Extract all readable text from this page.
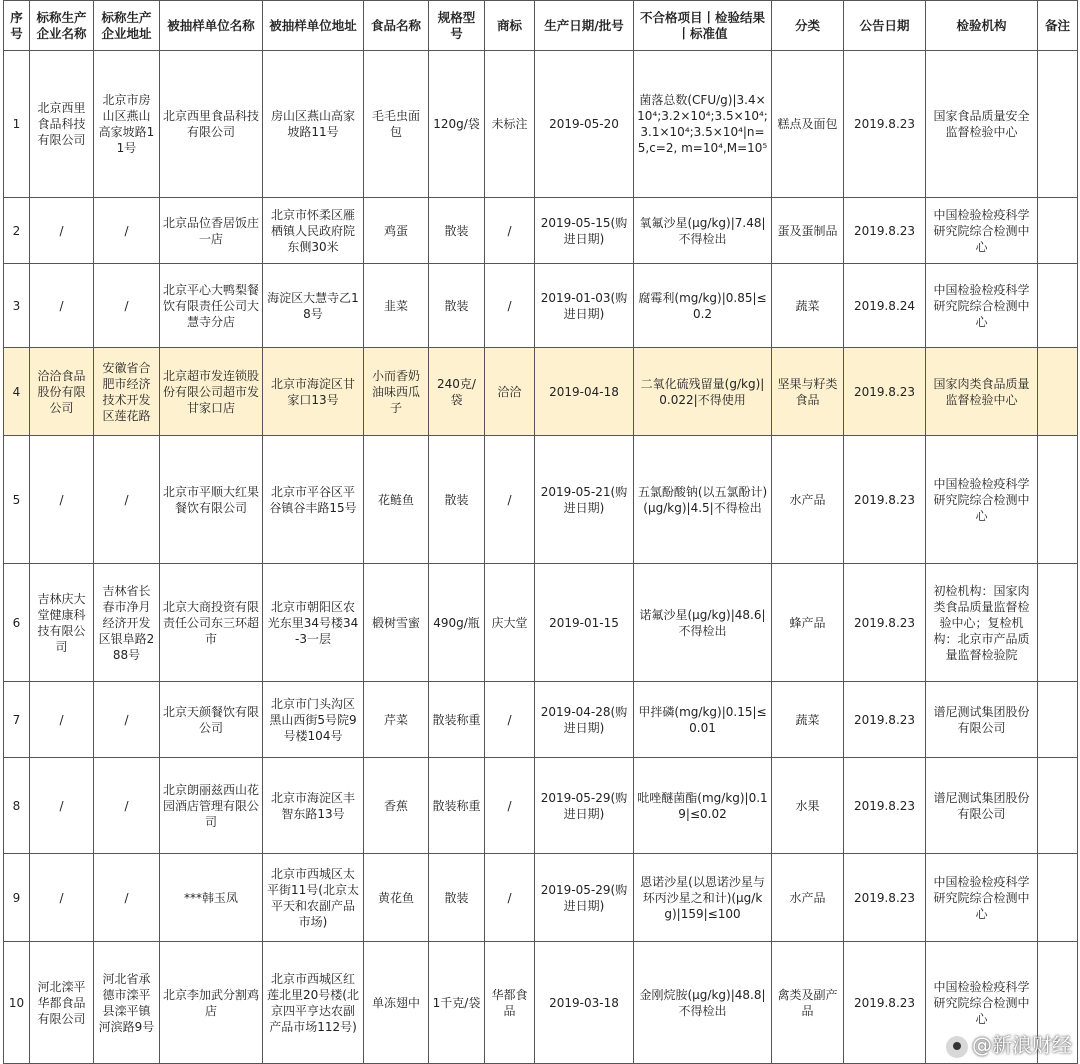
序号	标称生产企业名称	标称生产企业地址	被抽样单位名称	被抽样单位地址	食品名称	规格型号	商标	生产日期/批号	不合格项目丨检验结果丨标准值	分类	公告日期	检验机构	备注
1	北京西里食品科技有限公司	北京市房山区燕山高家坡路11号	北京西里食品科技有限公司	房山区燕山高家坡路11号	毛毛虫面包	120g/袋	未标注	2019-05-20	菌落总数(CFU/g)|3.4×10⁴;3.2×10⁴;3.5×10⁴;3.1×10⁴;3.5×10⁴|n=5,c=2, m=10⁴,M=10⁵	糕点及面包	2019.8.23	国家食品质量安全监督检验中心	
2	/	/	北京品位香居饭庄一店	北京市怀柔区雁栖镇人民政府院东侧30米	鸡蛋	散装	/	2019-05-15(购进日期)	氧氟沙星(μg/kg)|7.48|不得检出	蛋及蛋制品	2019.8.23	中国检验检疫科学研究院综合检测中心	
3	/	/	北京平心大鸭梨餐饮有限责任公司大慧寺分店	海淀区大慧寺乙18号	韭菜	散装	/	2019-01-03(购进日期)	腐霉利(mg/kg)|0.85|≤0.2	蔬菜	2019.8.24	中国检验检疫科学研究院综合检测中心	
4	洽洽食品股份有限公司	安徽省合肥市经济技术开发区莲花路	北京超市发连锁股份有限公司超市发甘家口店	北京市海淀区甘家口13号	小而香奶油味西瓜子	240克/袋	洽洽	2019-04-18	二氧化硫残留量(g/kg)|0.022|不得使用	坚果与籽类食品	2019.8.23	国家肉类食品质量监督检验中心	
5	/	/	北京市平顺大红果餐饮有限公司	北京市平谷区平谷镇谷丰路15号	花鲢鱼	散装	/	2019-05-21(购进日期)	五氯酚酸钠(以五氯酚计)(μg/kg)|4.5|不得检出	水产品	2019.8.23	中国检验检疫科学研究院综合检测中心	
6	吉林庆大堂健康科技有限公司	吉林省长春市净月经济开发区银阜路288号	北京大商投资有限责任公司东三环超市	北京市朝阳区农光东里34号楼34-3一层	椴树雪蜜	490g/瓶	庆大堂	2019-01-15	诺氟沙星(μg/kg)|48.6|不得检出	蜂产品	2019.8.23	初检机构：国家肉类食品质量监督检验中心；复检机构：北京市产品质量监督检验院	
7	/	/	北京天颜餐饮有限公司	北京市门头沟区黑山西街5号院9号楼104号	芹菜	散装称重	/	2019-04-28(购进日期)	甲拌磷(mg/kg)|0.15|≤0.01	蔬菜	2019.8.23	谱尼测试集团股份有限公司	
8	/	/	北京朗丽兹西山花园酒店管理有限公司	北京市海淀区丰智东路13号	香蕉	散装称重	/	2019-05-29(购进日期)	吡唑醚菌酯(mg/kg)|0.19|≤0.02	水果	2019.8.23	谱尼测试集团股份有限公司	
9	/	/	***韩玉凤	北京市西城区太平街11号(北京太平天和农副产品市场)	黄花鱼	散装	/	2019-05-29(购进日期)	恩诺沙星(以恩诺沙星与环丙沙星之和计)(μg/kg)|159|≤100	水产品	2019.8.23	中国检验检疫科学研究院综合检测中心	
10	河北滦平华都食品有限公司	河北省承德市滦平县滦平镇河滨路9号	北京李加武分割鸡店	北京市西城区红莲北里20号楼(北京四平亨达农副产品市场112号)	单冻翅中	1千克/袋	华都食品	2019-03-18	金刚烷胺(μg/kg)|48.8|不得检出	禽类及副产品	2019.8.23	中国检验检疫科学研究院综合检测中心	
@新浪财经
